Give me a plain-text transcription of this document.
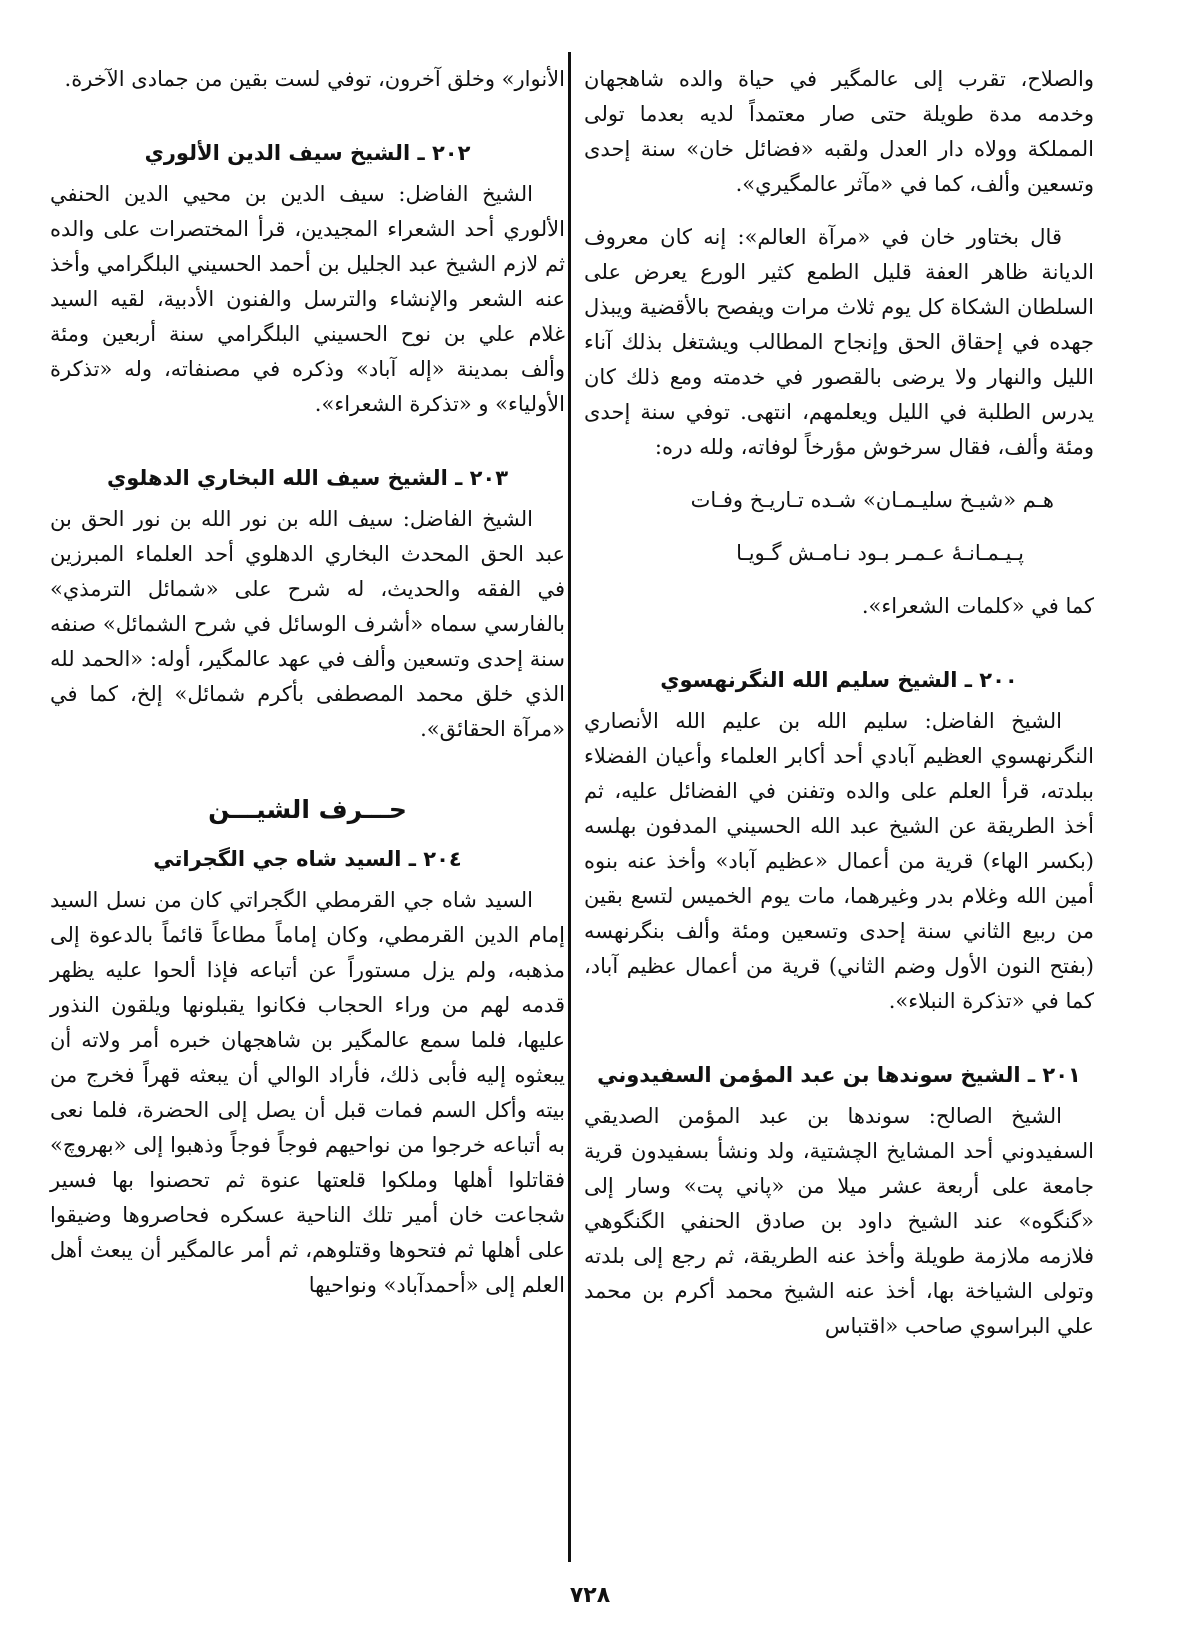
والصلاح، تقرب إلى عالمگير في حياة والده شاهجهان وخدمه مدة طويلة حتى صار معتمداً لديه بعدما تولى المملكة وولاه دار العدل ولقبه «فضائل خان» سنة إحدى وتسعين وألف، كما في «مآثر عالمگيري».

قال بختاور خان في «مرآة العالم»: إنه كان معروف الديانة ظاهر العفة قليل الطمع كثير الورع يعرض على السلطان الشكاة كل يوم ثلاث مرات ويفصح بالأقضية ويبذل جهده في إحقاق الحق وإنجاح المطالب ويشتغل بذلك آناء الليل والنهار ولا يرضى بالقصور في خدمته ومع ذلك كان يدرس الطلبة في الليل ويعلمهم، انتهى. توفي سنة إحدى ومئة وألف، فقال سرخوش مؤرخاً لوفاته، ولله دره:

هـم «شيـخ سليـمـان» شـده تـاريـخ وفـات

پـيـمـانـهٔ عـمـر بـود نـامـش گـويـا

كما في «كلمات الشعراء».

٢٠٠ ـ الشيخ سليم الله النگرنهسوي

الشيخ الفاضل: سليم الله بن عليم الله الأنصاري النگرنهسوي العظيم آبادي أحد أكابر العلماء وأعيان الفضلاء ببلدته، قرأ العلم على والده وتفنن في الفضائل عليه، ثم أخذ الطريقة عن الشيخ عبد الله الحسيني المدفون بهلسه (بكسر الهاء) قرية من أعمال «عظيم آباد» وأخذ عنه بنوه أمين الله وغلام بدر وغيرهما، مات يوم الخميس لتسع بقين من ربيع الثاني سنة إحدى وتسعين ومئة وألف بنگرنهسه (بفتح النون الأول وضم الثاني) قرية من أعمال عظيم آباد، كما في «تذكرة النبلاء».

٢٠١ ـ الشيخ سوندها بن عبد المؤمن السفيدوني

الشيخ الصالح: سوندها بن عبد المؤمن الصديقي السفيدوني أحد المشايخ الچشتية، ولد ونشأ بسفيدون قرية جامعة على أربعة عشر ميلا من «پاني پت» وسار إلى «گنگوه» عند الشيخ داود بن صادق الحنفي الگنگوهي فلازمه ملازمة طويلة وأخذ عنه الطريقة، ثم رجع إلى بلدته وتولى الشياخة بها، أخذ عنه الشيخ محمد أكرم بن محمد علي البراسوي صاحب «اقتباس

الأنوار» وخلق آخرون، توفي لست بقين من جمادى الآخرة.

٢٠٢ ـ الشيخ سيف الدين الألوري

الشيخ الفاضل: سيف الدين بن محيي الدين الحنفي الألوري أحد الشعراء المجيدين، قرأ المختصرات على والده ثم لازم الشيخ عبد الجليل بن أحمد الحسيني البلگرامي وأخذ عنه الشعر والإنشاء والترسل والفنون الأدبية، لقيه السيد غلام علي بن نوح الحسيني البلگرامي سنة أربعين ومئة وألف بمدينة «إله آباد» وذكره في مصنفاته، وله «تذكرة الأولياء» و «تذكرة الشعراء».

٢٠٣ ـ الشيخ سيف الله البخاري الدهلوي

الشيخ الفاضل: سيف الله بن نور الله بن نور الحق بن عبد الحق المحدث البخاري الدهلوي أحد العلماء المبرزين في الفقه والحديث، له شرح على «شمائل الترمذي» بالفارسي سماه «أشرف الوسائل في شرح الشمائل» صنفه سنة إحدى وتسعين وألف في عهد عالمگير، أوله: «الحمد لله الذي خلق محمد المصطفى بأكرم شمائل» إلخ، كما في «مرآة الحقائق».

حـــرف الشيـــن
٢٠٤ ـ السيد شاه جي الگجراتي

السيد شاه جي القرمطي الگجراتي كان من نسل السيد إمام الدين القرمطي، وكان إماماً مطاعاً قائماً بالدعوة إلى مذهبه، ولم يزل مستوراً عن أتباعه فإذا ألحوا عليه يظهر قدمه لهم من وراء الحجاب فكانوا يقبلونها ويلقون النذور عليها، فلما سمع عالمگير بن شاهجهان خبره أمر ولاته أن يبعثوه إليه فأبى ذلك، فأراد الوالي أن يبعثه قهراً فخرج من بيته وأكل السم فمات قبل أن يصل إلى الحضرة، فلما نعى به أتباعه خرجوا من نواحيهم فوجاً فوجاً وذهبوا إلى «بهروچ» فقاتلوا أهلها وملكوا قلعتها عنوة ثم تحصنوا بها فسير شجاعت خان أمير تلك الناحية عسكره فحاصروها وضيقوا على أهلها ثم فتحوها وقتلوهم، ثم أمر عالمگير أن يبعث أهل العلم إلى «أحمدآباد» ونواحيها

٧٢٨
